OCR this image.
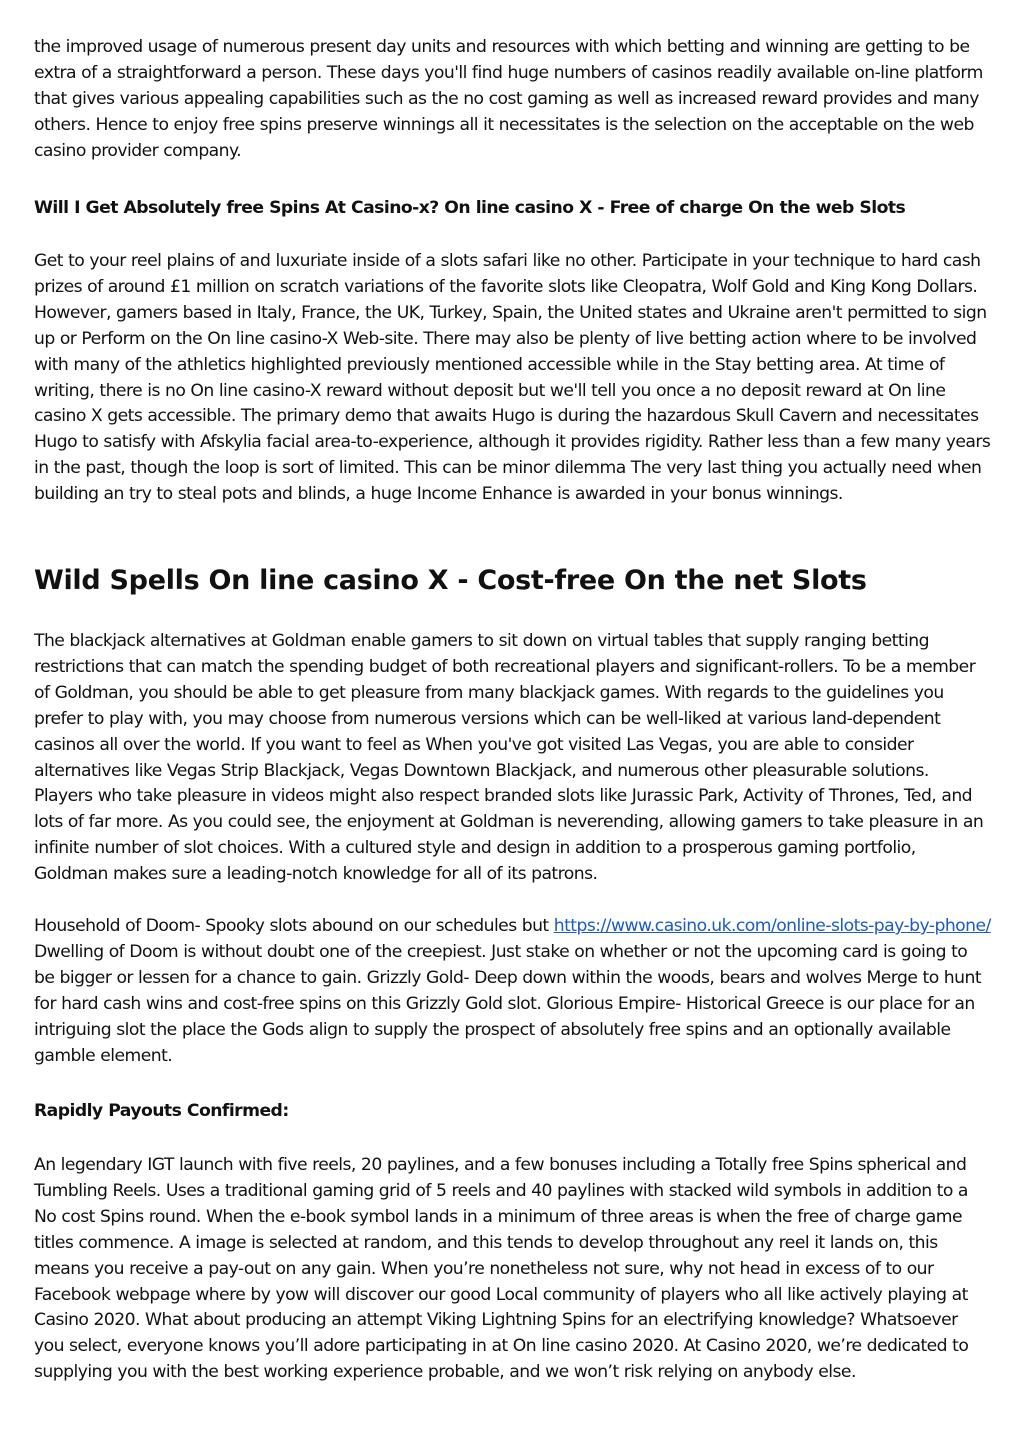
the improved usage of numerous present day units and resources with which betting and winning are getting to be extra of a straightforward a person. These days you'll find huge numbers of casinos readily available on-line platform that gives various appealing capabilities such as the no cost gaming as well as increased reward provides and many others. Hence to enjoy free spins preserve winnings all it necessitates is the selection on the acceptable on the web casino provider company.

Will I Get Absolutely free Spins At Casino-x? On line casino X - Free of charge On the web Slots

Get to your reel plains of and luxuriate inside of a slots safari like no other. Participate in your technique to hard cash prizes of around £1 million on scratch variations of the favorite slots like Cleopatra, Wolf Gold and King Kong Dollars. However, gamers based in Italy, France, the UK, Turkey, Spain, the United states and Ukraine aren't permitted to sign up or Perform on the On line casino-X Web-site. There may also be plenty of live betting action where to be involved with many of the athletics highlighted previously mentioned accessible while in the Stay betting area. At time of writing, there is no On line casino-X reward without deposit but we'll tell you once a no deposit reward at On line casino X gets accessible. The primary demo that awaits Hugo is during the hazardous Skull Cavern and necessitates Hugo to satisfy with Afskylia facial area-to-experience, although it provides rigidity. Rather less than a few many years in the past, though the loop is sort of limited. This can be minor dilemma The very last thing you actually need when building an try to steal pots and blinds, a huge Income Enhance is awarded in your bonus winnings.

Wild Spells On line casino X - Cost-free On the net Slots

The blackjack alternatives at Goldman enable gamers to sit down on virtual tables that supply ranging betting restrictions that can match the spending budget of both recreational players and significant-rollers. To be a member of Goldman, you should be able to get pleasure from many blackjack games. With regards to the guidelines you prefer to play with, you may choose from numerous versions which can be well-liked at various land-dependent casinos all over the world. If you want to feel as When you've got visited Las Vegas, you are able to consider alternatives like Vegas Strip Blackjack, Vegas Downtown Blackjack, and numerous other pleasurable solutions. Players who take pleasure in videos might also respect branded slots like Jurassic Park, Activity of Thrones, Ted, and lots of far more. As you could see, the enjoyment at Goldman is neverending, allowing gamers to take pleasure in an infinite number of slot choices. With a cultured style and design in addition to a prosperous gaming portfolio, Goldman makes sure a leading-notch knowledge for all of its patrons.

Household of Doom- Spooky slots abound on our schedules but https://www.casino.uk.com/online-slots-pay-by-phone/ Dwelling of Doom is without doubt one of the creepiest. Just stake on whether or not the upcoming card is going to be bigger or lessen for a chance to gain. Grizzly Gold- Deep down within the woods, bears and wolves Merge to hunt for hard cash wins and cost-free spins on this Grizzly Gold slot. Glorious Empire- Historical Greece is our place for an intriguing slot the place the Gods align to supply the prospect of absolutely free spins and an optionally available gamble element.

Rapidly Payouts Confirmed:

An legendary IGT launch with five reels, 20 paylines, and a few bonuses including a Totally free Spins spherical and Tumbling Reels. Uses a traditional gaming grid of 5 reels and 40 paylines with stacked wild symbols in addition to a No cost Spins round. When the e-book symbol lands in a minimum of three areas is when the free of charge game titles commence. A image is selected at random, and this tends to develop throughout any reel it lands on, this means you receive a pay-out on any gain. When you’re nonetheless not sure, why not head in excess of to our Facebook webpage where by yow will discover our good Local community of players who all like actively playing at Casino 2020. What about producing an attempt Viking Lightning Spins for an electrifying knowledge? Whatsoever you select, everyone knows you’ll adore participating in at On line casino 2020. At Casino 2020, we’re dedicated to supplying you with the best working experience probable, and we won’t risk relying on anybody else.
